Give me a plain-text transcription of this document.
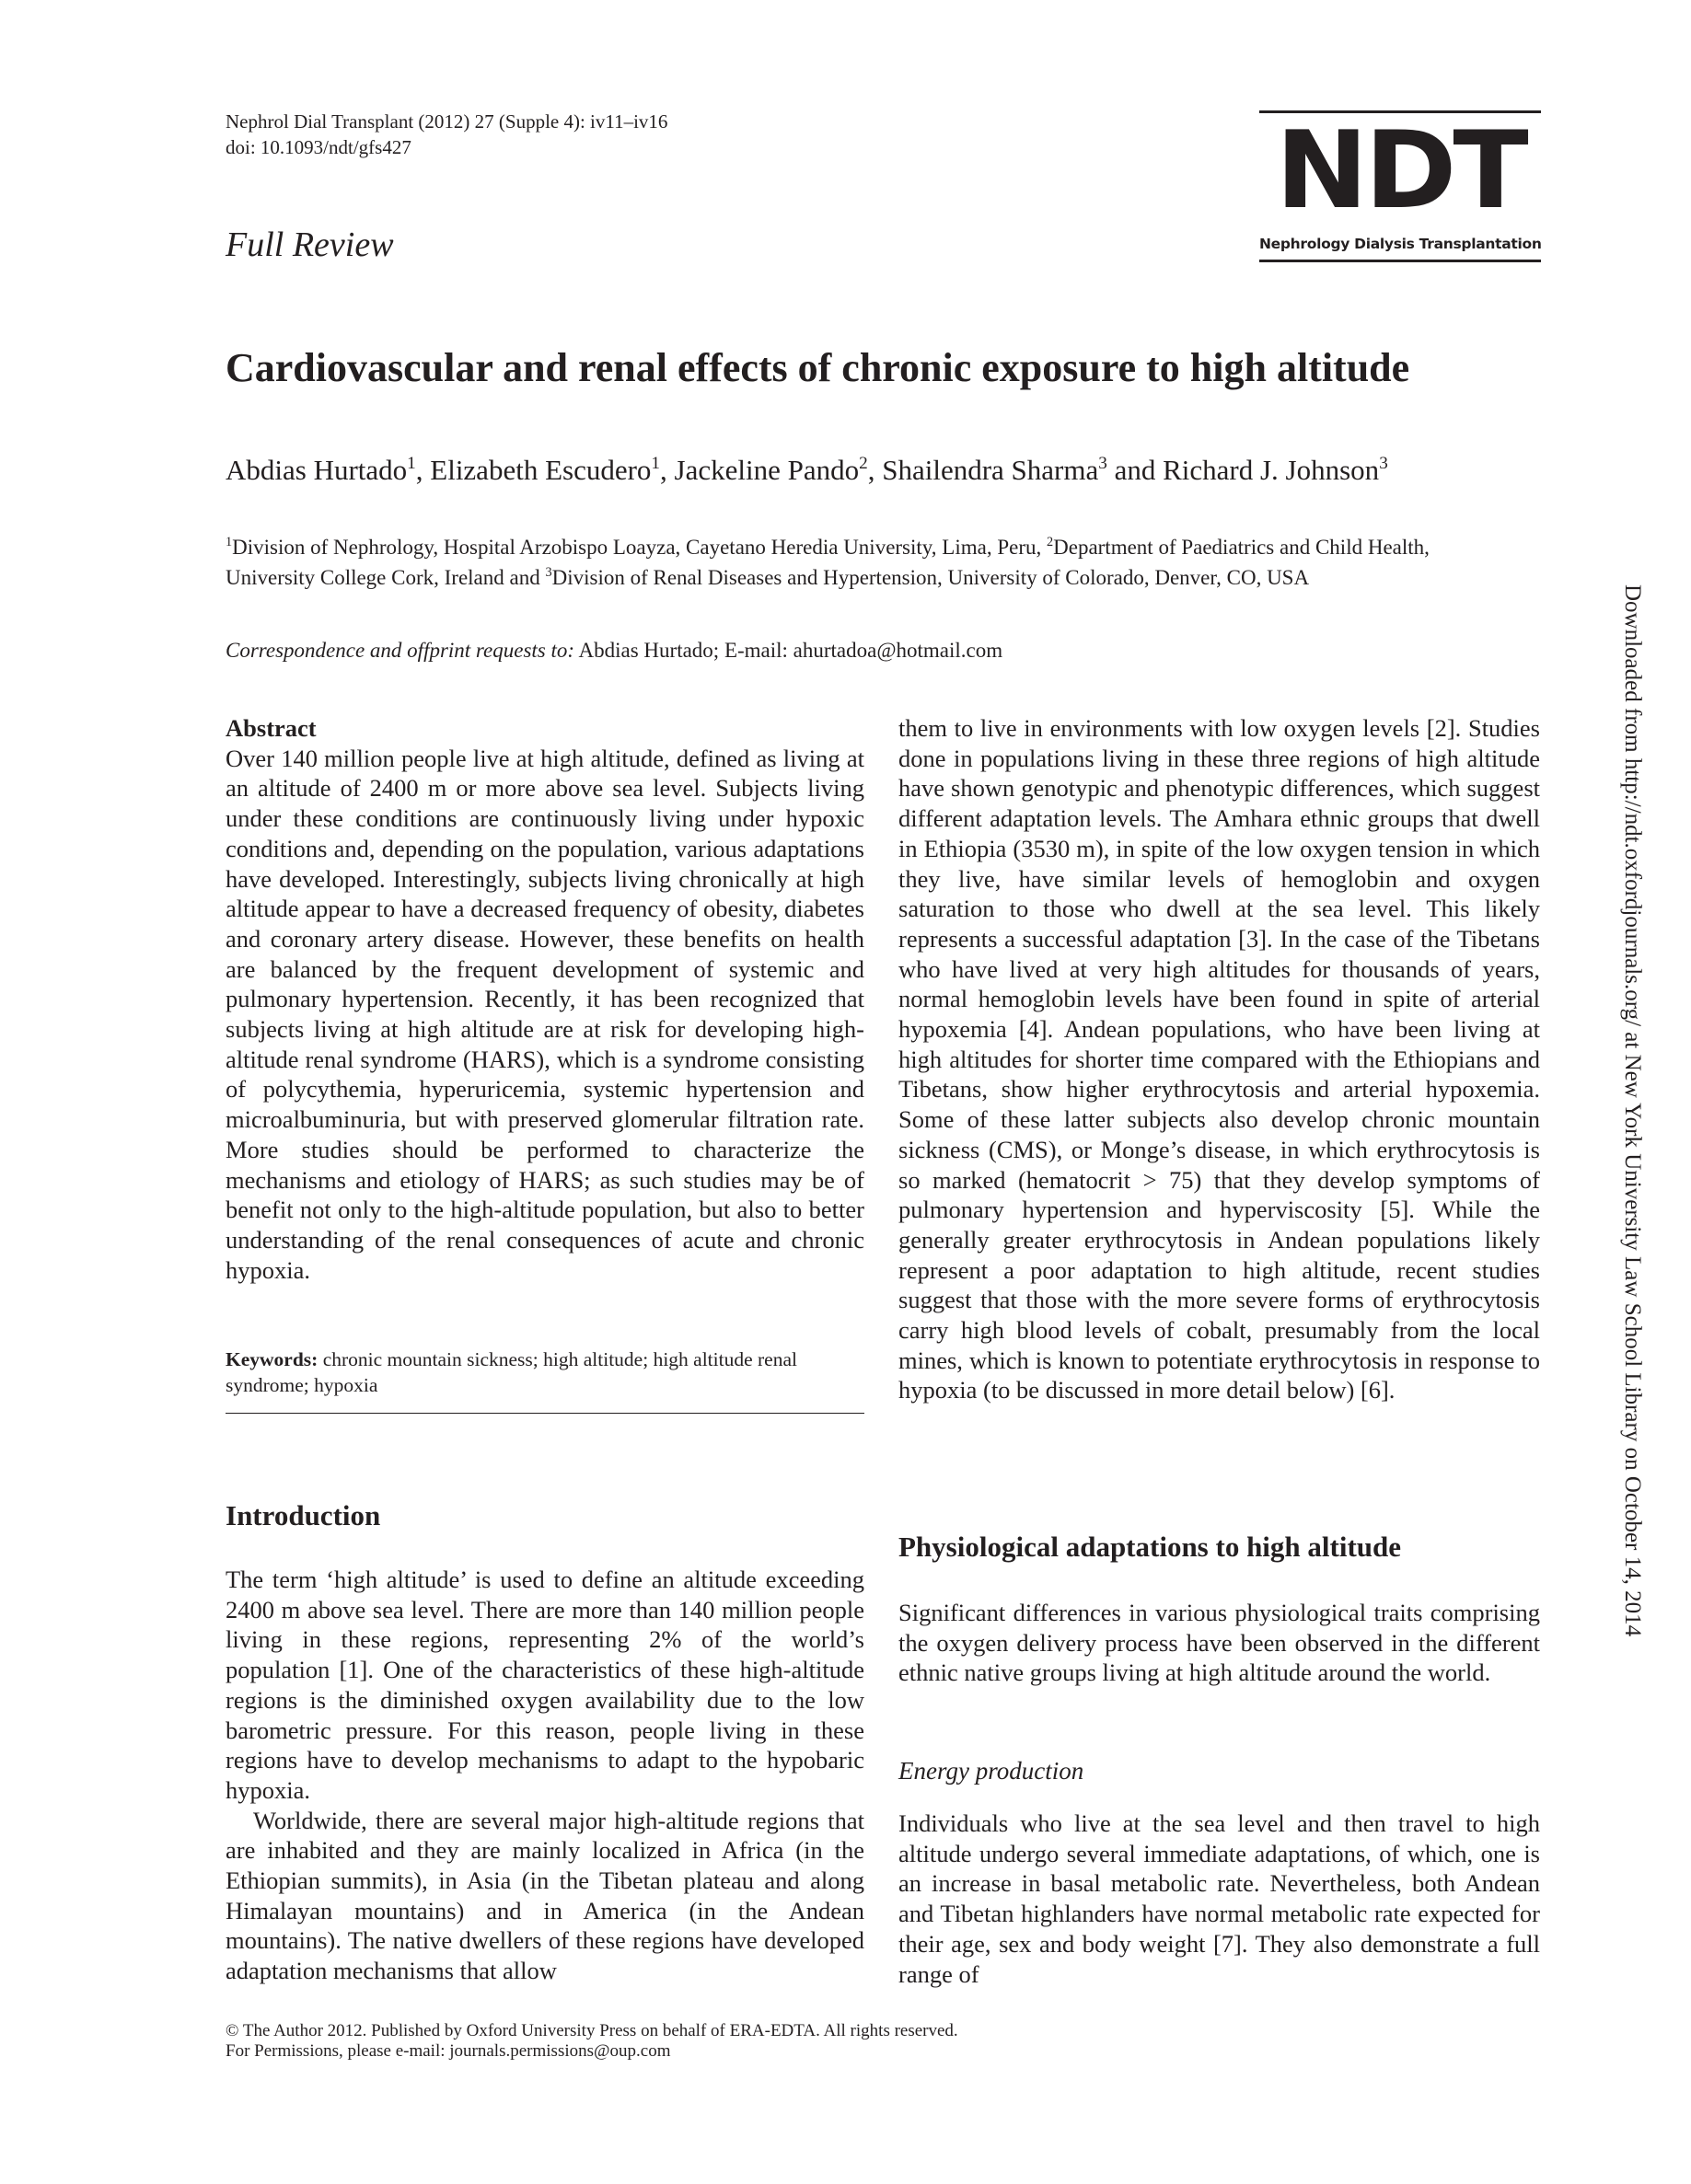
Nephrol Dial Transplant (2012) 27 (Supple 4): iv11–iv16
doi: 10.1093/ndt/gfs427
Full Review
NDT
Nephrology Dialysis Transplantation
Cardiovascular and renal effects of chronic exposure to high altitude
Abdias Hurtado$^1$, Elizabeth Escudero$^1$, Jackeline Pando$^2$, Shailendra Sharma$^3$ and Richard J. Johnson$^3$
$^1$Division of Nephrology, Hospital Arzobispo Loayza, Cayetano Heredia University, Lima, Peru, $^2$Department of Paediatrics and Child Health, University College Cork, Ireland and $^3$Division of Renal Diseases and Hypertension, University of Colorado, Denver, CO, USA
Correspondence and offprint requests to: Abdias Hurtado; E-mail: ahurtadoa@hotmail.com
Abstract
Over 140 million people live at high altitude, defined as living at an altitude of 2400 m or more above sea level. Subjects living under these conditions are continuously living under hypoxic conditions and, depending on the population, various adaptations have developed. Interestingly, subjects living chronically at high altitude appear to have a decreased frequency of obesity, diabetes and coronary artery disease. However, these benefits on health are balanced by the frequent development of systemic and pulmonary hypertension. Recently, it has been recognized that subjects living at high altitude are at risk for developing high-altitude renal syndrome (HARS), which is a syndrome consisting of polycythemia, hyperuricemia, systemic hypertension and microalbuminuria, but with preserved glomerular filtration rate. More studies should be performed to characterize the mechanisms and etiology of HARS; as such studies may be of benefit not only to the high-altitude population, but also to better understanding of the renal consequences of acute and chronic hypoxia.
Keywords: chronic mountain sickness; high altitude; high altitude renal syndrome; hypoxia
Introduction
The term ‘high altitude’ is used to define an altitude exceeding 2400 m above sea level. There are more than 140 million people living in these regions, representing 2% of the world’s population [1]. One of the characteristics of these high-altitude regions is the diminished oxygen availability due to the low barometric pressure. For this reason, people living in these regions have to develop mechanisms to adapt to the hypobaric hypoxia.
Worldwide, there are several major high-altitude regions that are inhabited and they are mainly localized in Africa (in the Ethiopian summits), in Asia (in the Tibetan plateau and along Himalayan mountains) and in America (in the Andean mountains). The native dwellers of these regions have developed adaptation mechanisms that allow
them to live in environments with low oxygen levels [2]. Studies done in populations living in these three regions of high altitude have shown genotypic and phenotypic differences, which suggest different adaptation levels. The Amhara ethnic groups that dwell in Ethiopia (3530 m), in spite of the low oxygen tension in which they live, have similar levels of hemoglobin and oxygen saturation to those who dwell at the sea level. This likely represents a successful adaptation [3]. In the case of the Tibetans who have lived at very high altitudes for thousands of years, normal hemoglobin levels have been found in spite of arterial hypoxemia [4]. Andean populations, who have been living at high altitudes for shorter time compared with the Ethiopians and Tibetans, show higher erythrocytosis and arterial hypoxemia. Some of these latter subjects also develop chronic mountain sickness (CMS), or Monge’s disease, in which erythrocytosis is so marked (hematocrit > 75) that they develop symptoms of pulmonary hypertension and hyperviscosity [5]. While the generally greater erythrocytosis in Andean populations likely represent a poor adaptation to high altitude, recent studies suggest that those with the more severe forms of erythrocytosis carry high blood levels of cobalt, presumably from the local mines, which is known to potentiate erythrocytosis in response to hypoxia (to be discussed in more detail below) [6].
Physiological adaptations to high altitude
Significant differences in various physiological traits comprising the oxygen delivery process have been observed in the different ethnic native groups living at high altitude around the world.
Energy production
Individuals who live at the sea level and then travel to high altitude undergo several immediate adaptations, of which, one is an increase in basal metabolic rate. Nevertheless, both Andean and Tibetan highlanders have normal metabolic rate expected for their age, sex and body weight [7]. They also demonstrate a full range of
© The Author 2012. Published by Oxford University Press on behalf of ERA-EDTA. All rights reserved.
For Permissions, please e-mail: journals.permissions@oup.com
Downloaded from http://ndt.oxfordjournals.org/ at New York University Law School Library on October 14, 2014
